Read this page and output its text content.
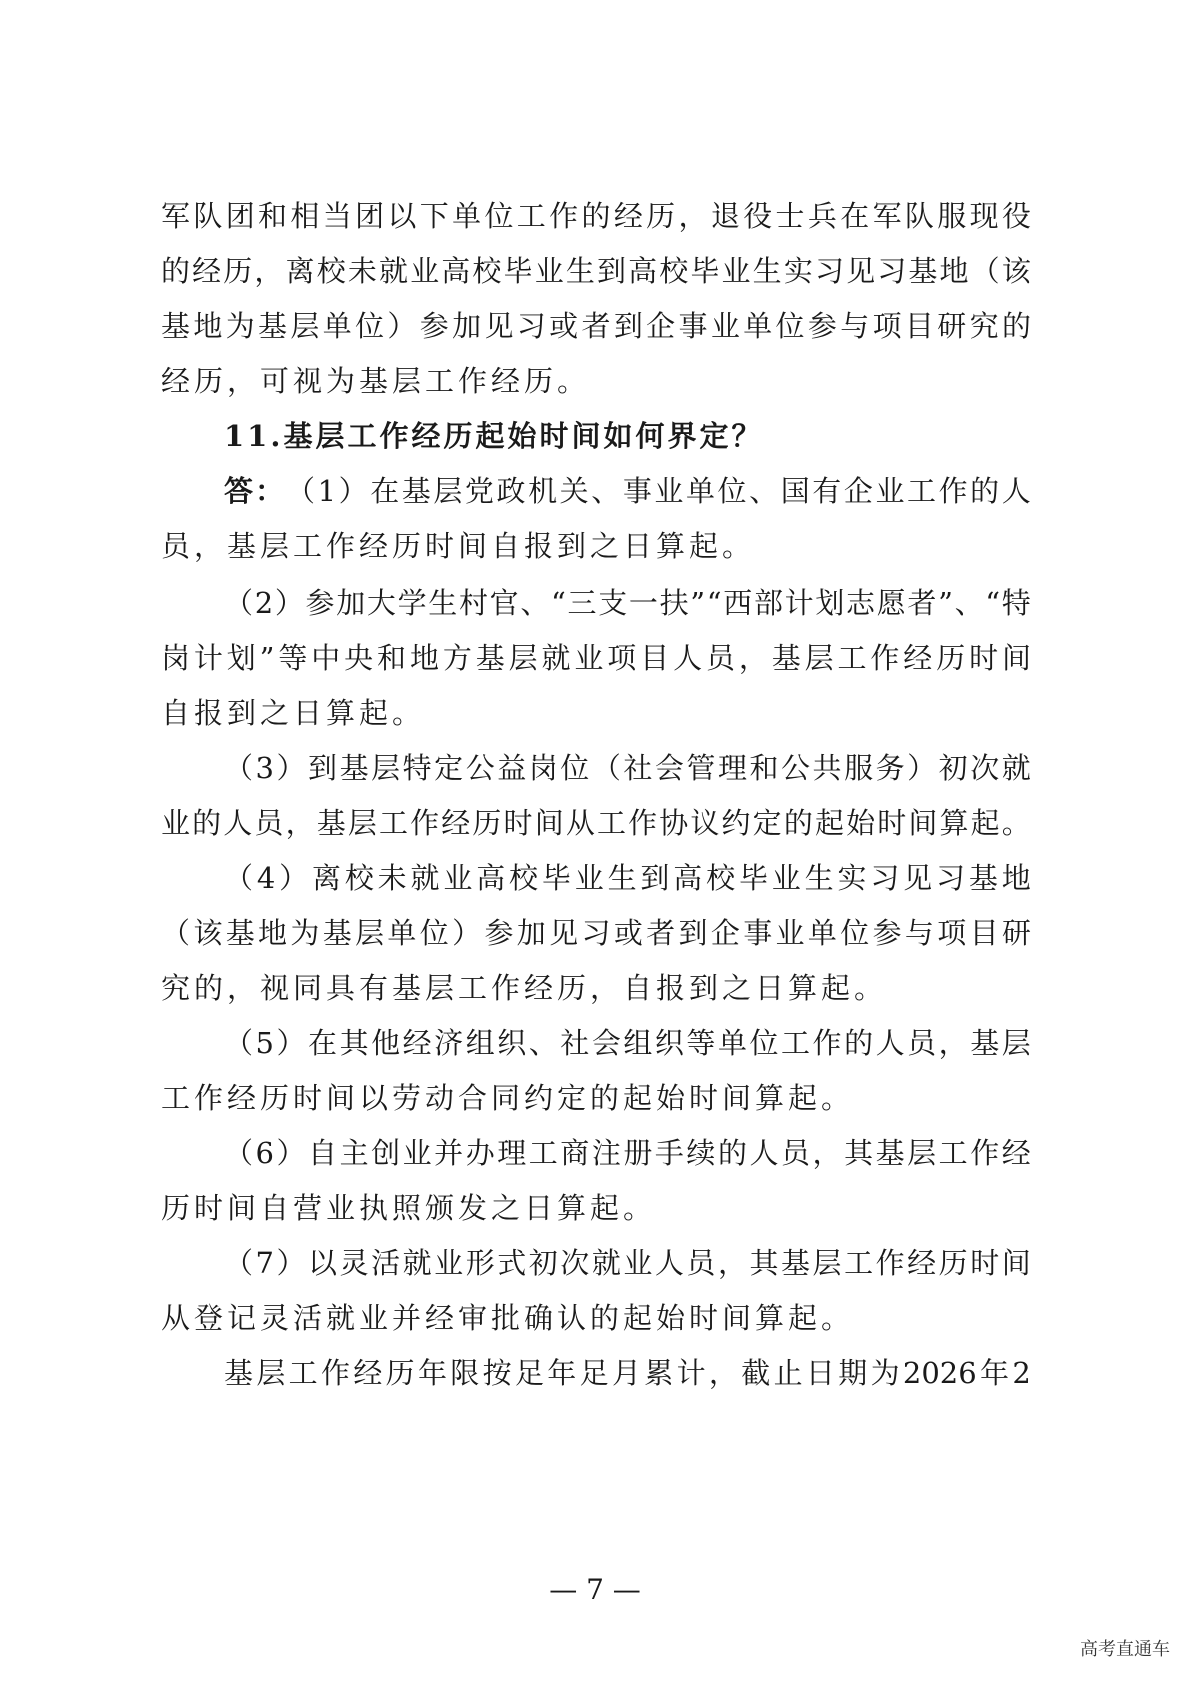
军 队 团 和 相 当 团 以 下 单 位 工 作 的 经 历 ， 退 役 士 兵 在 军 队 服 现 役
的 经 历 ， 离 校 未 就 业 高 校 毕 业 生 到 高 校 毕 业 生 实 习 见 习 基 地 （ 该
基 地 为 基 层 单 位 ） 参 加 见 习 或 者 到 企 事 业 单 位 参 与 项 目 研 究 的
经历，可视为基层工作经历。
11.基层工作经历起始时间如何界定？
答： （ 1 ） 在 基 层 党 政 机 关 、 事 业 单 位 、 国 有 企 业 工 作 的 人
员，基层工作经历时间自报到之日算起。
（ 2 ） 参 加 大 学 生 村 官 、 “ 三 支 一 扶 ” “ 西 部 计 划 志 愿 者 ” 、 “ 特
岗 计 划 ” 等 中 央 和 地 方 基 层 就 业 项 目 人 员 ， 基 层 工 作 经 历 时 间
自报到之日算起。
（ 3 ） 到 基 层 特 定 公 益 岗 位 （ 社 会 管 理 和 公 共 服 务 ） 初 次 就
业 的 人 员 ， 基 层 工 作 经 历 时 间 从 工 作 协 议 约 定 的 起 始 时 间 算 起 。
（ 4 ） 离 校 未 就 业 高 校 毕 业 生 到 高 校 毕 业 生 实 习 见 习 基 地
（ 该 基 地 为 基 层 单 位 ） 参 加 见 习 或 者 到 企 事 业 单 位 参 与 项 目 研
究的，视同具有基层工作经历，自报到之日算起。
（ 5 ） 在 其 他 经 济 组 织 、 社 会 组 织 等 单 位 工 作 的 人 员 ， 基 层
工作经历时间以劳动合同约定的起始时间算起。
（ 6 ） 自 主 创 业 并 办 理 工 商 注 册 手 续 的 人 员 ， 其 基 层 工 作 经
历时间自营业执照颁发之日算起。
（ 7 ） 以 灵 活 就 业 形 式 初 次 就 业 人 员 ， 其 基 层 工 作 经 历 时 间
从登记灵活就业并经审批确认的起始时间算起。
基 层 工 作 经 历 年 限 按 足 年 足 月 累 计 ， 截 止 日 期 为 2026 年 2
— 7 —
高考直通车
